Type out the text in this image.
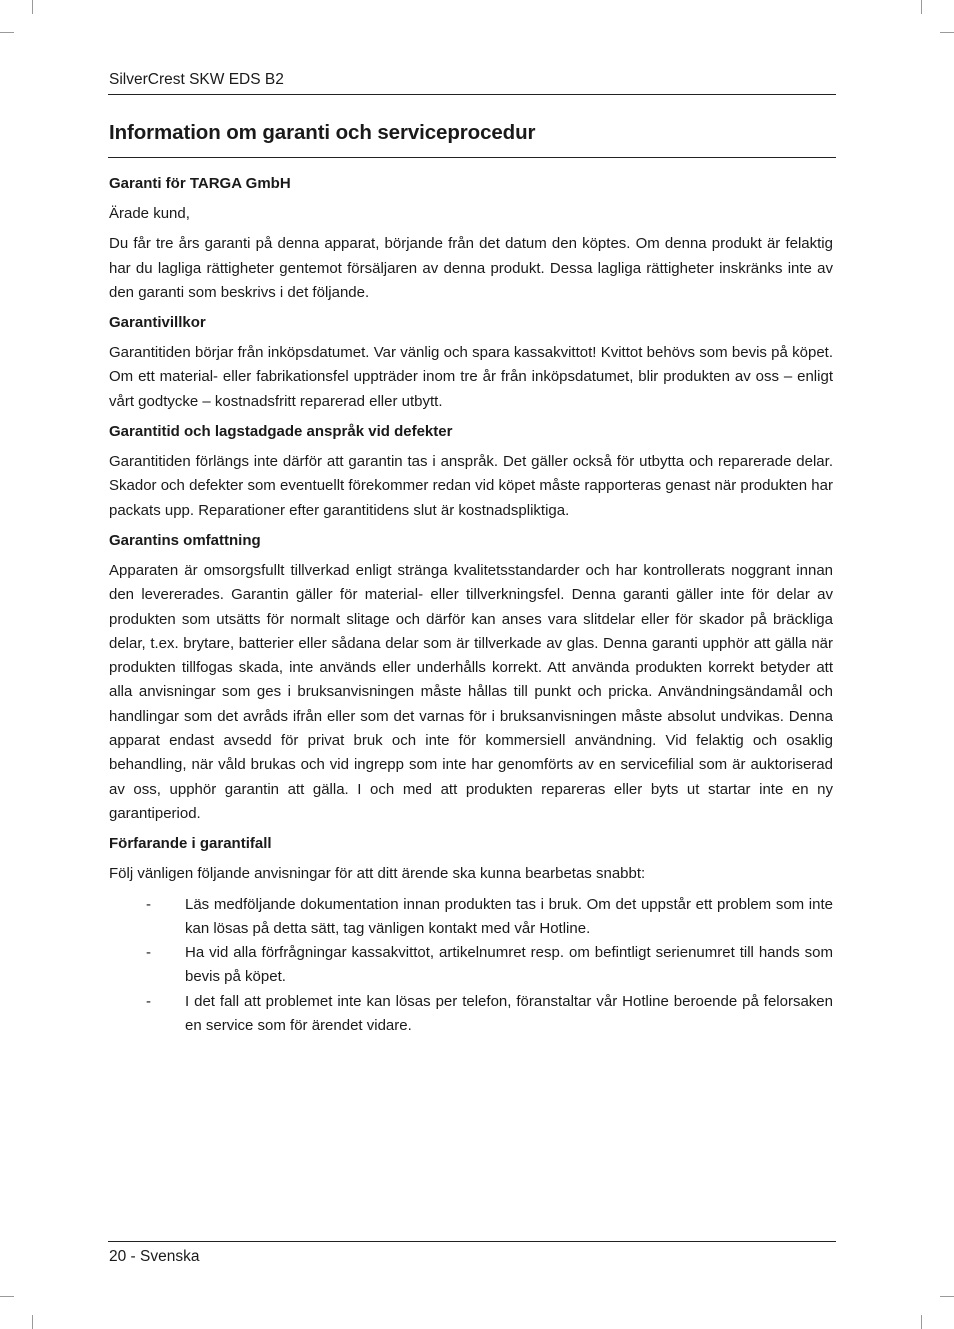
SilverCrest SKW EDS B2
Information om garanti och serviceprocedur
Garanti för TARGA GmbH

Ärade kund,

Du får tre års garanti på denna apparat, börjande från det datum den köptes. Om denna produkt är felaktig har du lagliga rättigheter gentemot försäljaren av denna produkt. Dessa lagliga rättigheter inskränks inte av den garanti som beskrivs i det följande.

Garantivillkor

Garantitiden börjar från inköpsdatumet. Var vänlig och spara kassakvittot! Kvittot behövs som bevis på köpet. Om ett material- eller fabrikationsfel uppträder inom tre år från inköpsdatumet, blir produkten av oss – enligt vårt godtycke – kostnadsfritt reparerad eller utbytt.

Garantitid och lagstadgade anspråk vid defekter

Garantitiden förlängs inte därför att garantin tas i anspråk. Det gäller också för utbytta och reparerade delar. Skador och defekter som eventuellt förekommer redan vid köpet måste rapporteras genast när produkten har packats upp. Reparationer efter garantitidens slut är kostnadspliktiga.

Garantins omfattning

Apparaten är omsorgsfullt tillverkad enligt stränga kvalitetsstandarder och har kontrollerats noggrant innan den levererades. Garantin gäller för material- eller tillverkningsfel. Denna garanti gäller inte för delar av produkten som utsätts för normalt slitage och därför kan anses vara slitdelar eller för skador på bräckliga delar, t.ex. brytare, batterier eller sådana delar som är tillverkade av glas. Denna garanti upphör att gälla när produkten tillfogas skada, inte används eller underhålls korrekt. Att använda produkten korrekt betyder att alla anvisningar som ges i bruksanvisningen måste hållas till punkt och pricka. Användningsändamål och handlingar som det avråds ifrån eller som det varnas för i bruksanvisningen måste absolut undvikas. Denna apparat endast avsedd för privat bruk och inte för kommersiell användning. Vid felaktig och osaklig behandling, när våld brukas och vid ingrepp som inte har genomförts av en servicefilial som är auktoriserad av oss, upphör garantin att gälla. I och med att produkten repareras eller byts ut startar inte en ny garantiperiod.

Förfarande i garantifall

Följ vänligen följande anvisningar för att ditt ärende ska kunna bearbetas snabbt:

- Läs medföljande dokumentation innan produkten tas i bruk. Om det uppstår ett problem som inte kan lösas på detta sätt, tag vänligen kontakt med vår Hotline.
- Ha vid alla förfrågningar kassakvittot, artikelnumret resp. om befintligt serienumret till hands som bevis på köpet.
- I det fall att problemet inte kan lösas per telefon, föranstaltar vår Hotline beroende på felorsaken en service som för ärendet vidare.
20 - Svenska
